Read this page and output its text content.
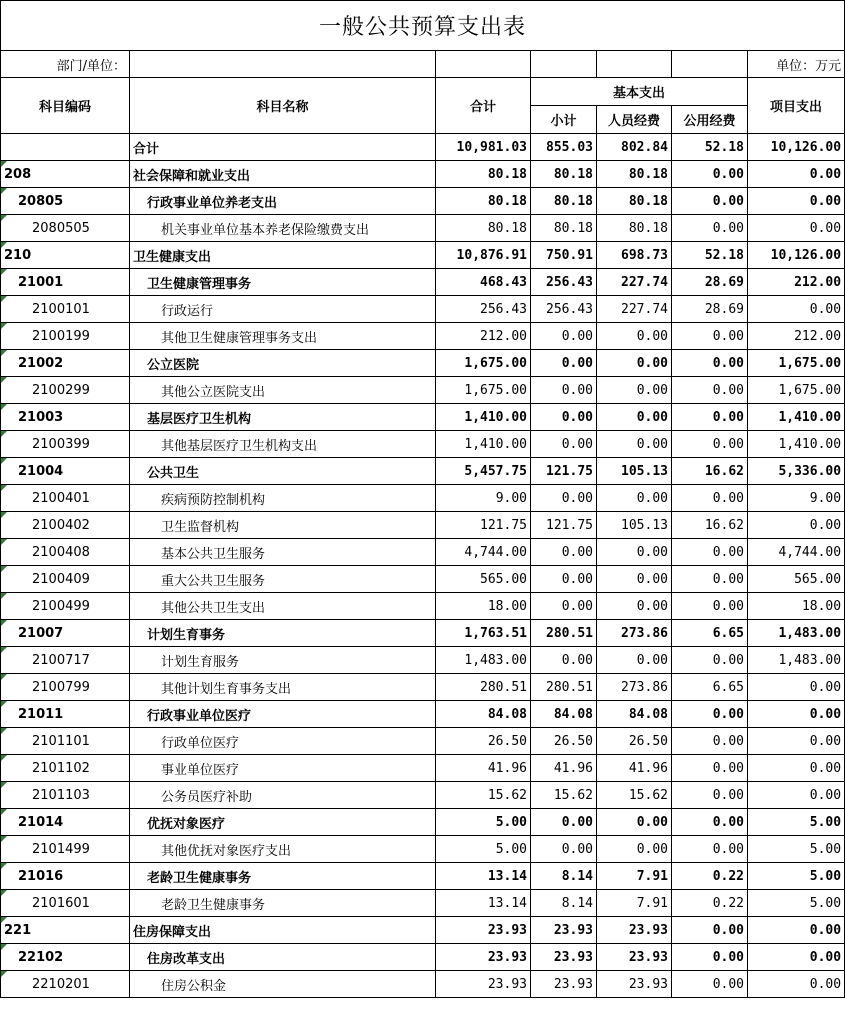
一般公共预算支出表						
部门/单位：						单位：万元
科目编码	科目名称	合计	基本支出			项目支出
			小计	人员经费	公用经费	
	合计	10,981.03	855.03	802.84	52.18	10,126.00
208	社会保障和就业支出	80.18	80.18	80.18	0.00	0.00
20805	行政事业单位养老支出	80.18	80.18	80.18	0.00	0.00
2080505	机关事业单位基本养老保险缴费支出	80.18	80.18	80.18	0.00	0.00
210	卫生健康支出	10,876.91	750.91	698.73	52.18	10,126.00
21001	卫生健康管理事务	468.43	256.43	227.74	28.69	212.00
2100101	行政运行	256.43	256.43	227.74	28.69	0.00
2100199	其他卫生健康管理事务支出	212.00	0.00	0.00	0.00	212.00
21002	公立医院	1,675.00	0.00	0.00	0.00	1,675.00
2100299	其他公立医院支出	1,675.00	0.00	0.00	0.00	1,675.00
21003	基层医疗卫生机构	1,410.00	0.00	0.00	0.00	1,410.00
2100399	其他基层医疗卫生机构支出	1,410.00	0.00	0.00	0.00	1,410.00
21004	公共卫生	5,457.75	121.75	105.13	16.62	5,336.00
2100401	疾病预防控制机构	9.00	0.00	0.00	0.00	9.00
2100402	卫生监督机构	121.75	121.75	105.13	16.62	0.00
2100408	基本公共卫生服务	4,744.00	0.00	0.00	0.00	4,744.00
2100409	重大公共卫生服务	565.00	0.00	0.00	0.00	565.00
2100499	其他公共卫生支出	18.00	0.00	0.00	0.00	18.00
21007	计划生育事务	1,763.51	280.51	273.86	6.65	1,483.00
2100717	计划生育服务	1,483.00	0.00	0.00	0.00	1,483.00
2100799	其他计划生育事务支出	280.51	280.51	273.86	6.65	0.00
21011	行政事业单位医疗	84.08	84.08	84.08	0.00	0.00
2101101	行政单位医疗	26.50	26.50	26.50	0.00	0.00
2101102	事业单位医疗	41.96	41.96	41.96	0.00	0.00
2101103	公务员医疗补助	15.62	15.62	15.62	0.00	0.00
21014	优抚对象医疗	5.00	0.00	0.00	0.00	5.00
2101499	其他优抚对象医疗支出	5.00	0.00	0.00	0.00	5.00
21016	老龄卫生健康事务	13.14	8.14	7.91	0.22	5.00
2101601	老龄卫生健康事务	13.14	8.14	7.91	0.22	5.00
221	住房保障支出	23.93	23.93	23.93	0.00	0.00
22102	住房改革支出	23.93	23.93	23.93	0.00	0.00
2210201	住房公积金	23.93	23.93	23.93	0.00	0.00
